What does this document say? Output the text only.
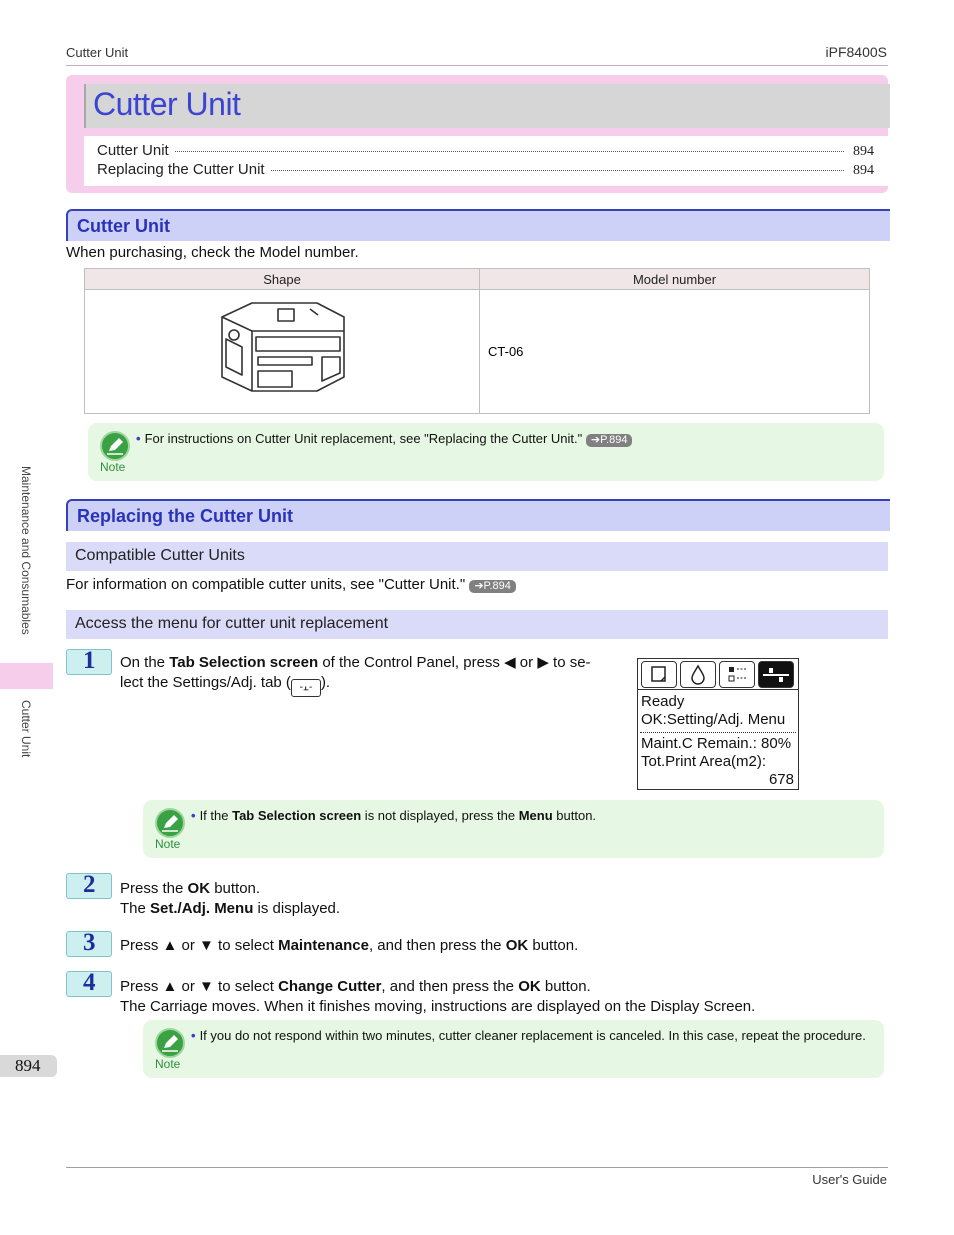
Cutter Unit	iPF8400S
Cutter Unit
Cutter Unit	894
Replacing the Cutter Unit	894
Cutter Unit
When purchasing, check the Model number.
Shape	Model number
	CT-06
Note
• For instructions on Cutter Unit replacement, see "Replacing the Cutter Unit." ➔P.894
Replacing the Cutter Unit
Compatible Cutter Units
For information on compatible cutter units, see "Cutter Unit." ➔P.894
Access the menu for cutter unit replacement
1 On the Tab Selection screen of the Control Panel, press ◀ or ▶ to se-
lect the Settings/Adj. tab ( -⫠- ).
Ready
OK:Setting/Adj. Menu
Maint.C Remain.: 80%
Tot.Print Area(m2):
678
Note
• If the Tab Selection screen is not displayed, press the Menu button.
2 Press the OK button.
The Set./Adj. Menu is displayed.
3 Press ▲ or ▼ to select Maintenance, and then press the OK button.
4 Press ▲ or ▼ to select Change Cutter, and then press the OK button.
The Carriage moves. When it finishes moving, instructions are displayed on the Display Screen.
Note
• If you do not respond within two minutes, cutter cleaner replacement is canceled. In this case, repeat the procedure.
Maintenance and Consumables
Cutter Unit
894
User's Guide
